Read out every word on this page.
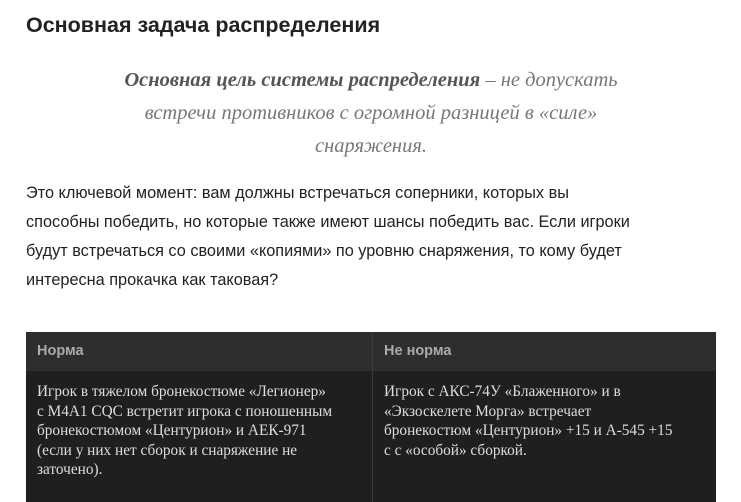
Основная задача распределения
Основная цель системы распределения – не допускать
встречи противников с огромной разницей в «силе»
снаряжения.
Это ключевой момент: вам должны встречаться соперники, которых вы
способны победить, но которые также имеют шансы победить вас. Если игроки
будут встречаться со своими «копиями» по уровню снаряжения, то кому будет
интересна прокачка как таковая?
Норма	Не норма
Игрок в тяжелом бронекостюме «Легионер»
с M4A1 CQC встретит игрока с поношенным
бронекостюмом «Центурион» и АЕК-971
(если у них нет сборок и снаряжение не
заточено).
Игрок с АКС-74У «Блаженного» и в
«Экзоскелете Морга» встречает
бронекостюм «Центурион» +15 и А-545 +15
с с «особой» сборкой.
